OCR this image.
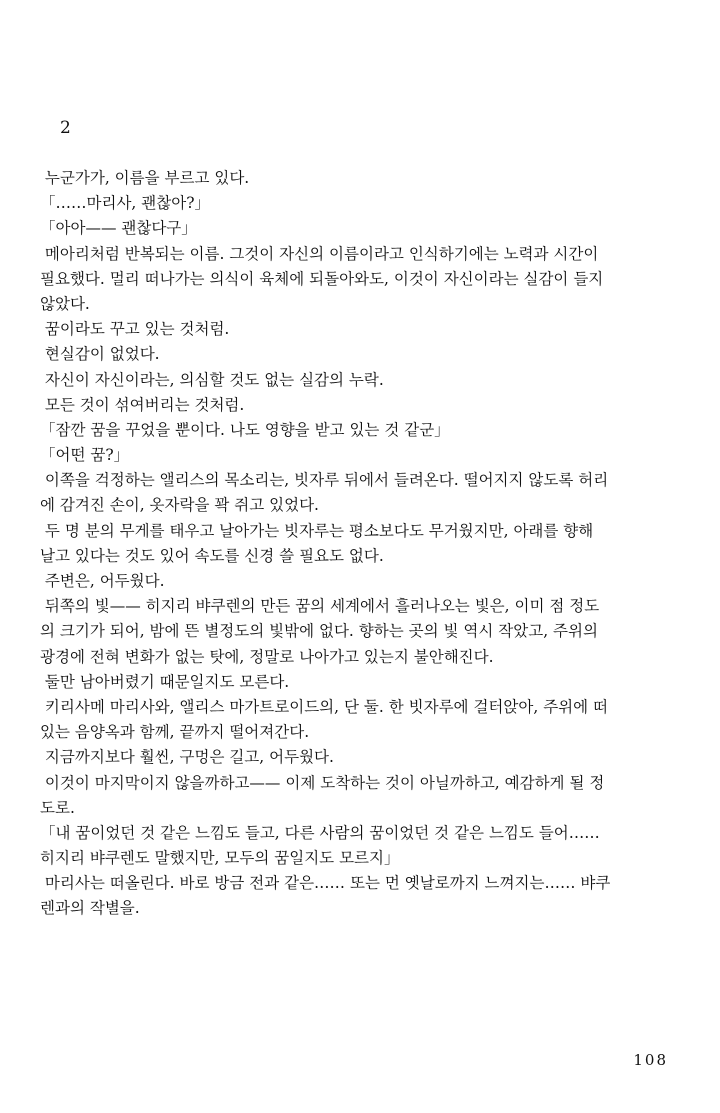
2
누군가가, 이름을 부르고 있다.
「……마리사, 괜찮아?」
「아아—— 괜찮다구」
메아리처럼 반복되는 이름. 그것이 자신의 이름이라고 인식하기에는 노력과 시간이
필요했다. 멀리 떠나가는 의식이 육체에 되돌아와도, 이것이 자신이라는 실감이 들지
않았다.
꿈이라도 꾸고 있는 것처럼.
현실감이 없었다.
자신이 자신이라는, 의심할 것도 없는 실감의 누락.
모든 것이 섞여버리는 것처럼.
「잠깐 꿈을 꾸었을 뿐이다. 나도 영향을 받고 있는 것 같군」
「어떤 꿈?」
이쪽을 걱정하는 앨리스의 목소리는, 빗자루 뒤에서 들려온다. 떨어지지 않도록 허리
에 감겨진 손이, 옷자락을 꽉 쥐고 있었다.
두 명 분의 무게를 태우고 날아가는 빗자루는 평소보다도 무거웠지만, 아래를 향해
날고 있다는 것도 있어 속도를 신경 쓸 필요도 없다.
주변은, 어두웠다.
뒤쪽의 빛—— 히지리 뱌쿠렌의 만든 꿈의 세계에서 흘러나오는 빛은, 이미 점 정도
의 크기가 되어, 밤에 뜬 별정도의 빛밖에 없다. 향하는 곳의 빛 역시 작았고, 주위의
광경에 전혀 변화가 없는 탓에, 정말로 나아가고 있는지 불안해진다.
둘만 남아버렸기 때문일지도 모른다.
키리사메 마리사와, 앨리스 마가트로이드의, 단 둘. 한 빗자루에 걸터앉아, 주위에 떠
있는 음양옥과 함께, 끝까지 떨어져간다.
지금까지보다 훨씬, 구멍은 길고, 어두웠다.
이것이 마지막이지 않을까하고—— 이제 도착하는 것이 아닐까하고, 예감하게 될 정
도로.
「내 꿈이었던 것 같은 느낌도 들고, 다른 사람의 꿈이었던 것 같은 느낌도 들어……
히지리 뱌쿠렌도 말했지만, 모두의 꿈일지도 모르지」
마리사는 떠올린다. 바로 방금 전과 같은…… 또는 먼 옛날로까지 느껴지는…… 뱌쿠
렌과의 작별을.
108
